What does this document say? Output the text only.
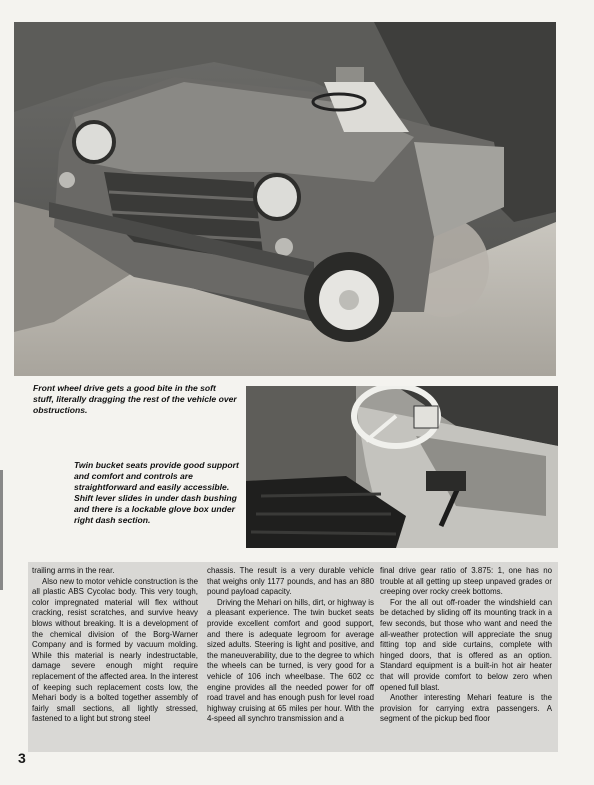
Front wheel drive gets a good bite in the soft stuff, literally dragging the rest of the vehicle over obstructions.
Twin bucket seats provide good support and comfort and controls are straightforward and easily accessible. Shift lever slides in under dash bushing and there is a lockable glove box under right dash section.

trailing arms in the rear.

Also new to motor vehicle construction is the all plastic ABS Cycolac body. This very tough, color impregnated material will flex without cracking, resist scratches, and survive heavy blows without breaking. It is a development of the chemical division of the Borg-Warner Company and is formed by vacuum molding. While this material is nearly indestructable, damage severe enough might require replacement of the affected area. In the interest of keeping such replacement costs low, the Mehari body is a bolted together assembly of fairly small sections, all lightly stressed, fastened to a light but strong steel

chassis. The result is a very durable vehicle that weighs only 1177 pounds, and has an 880 pound payload capacity.

Driving the Mehari on hills, dirt, or highway is a pleasant experience. The twin bucket seats provide excellent comfort and good support, and there is adequate legroom for average sized adults. Steering is light and positive, and the maneuverability, due to the degree to which the wheels can be turned, is very good for a vehicle of 106 inch wheelbase. The 602 cc engine provides all the needed power for off road travel and has enough push for level road highway cruising at 65 miles per hour. With the 4-speed all synchro transmission and a

final drive gear ratio of 3.875: 1, one has no trouble at all getting up steep unpaved grades or creeping over rocky creek bottoms.

For the all out off-roader the windshield can be detached by sliding off its mounting track in a few seconds, but those who want and need the all-weather protection will appreciate the snug fitting top and side curtains, complete with hinged doors, that is offered as an option. Standard equipment is a built-in hot air heater that will provide comfort to below zero when opened full blast.

Another interesting Mehari feature is the provision for carrying extra passengers. A segment of the pickup bed floor

3
